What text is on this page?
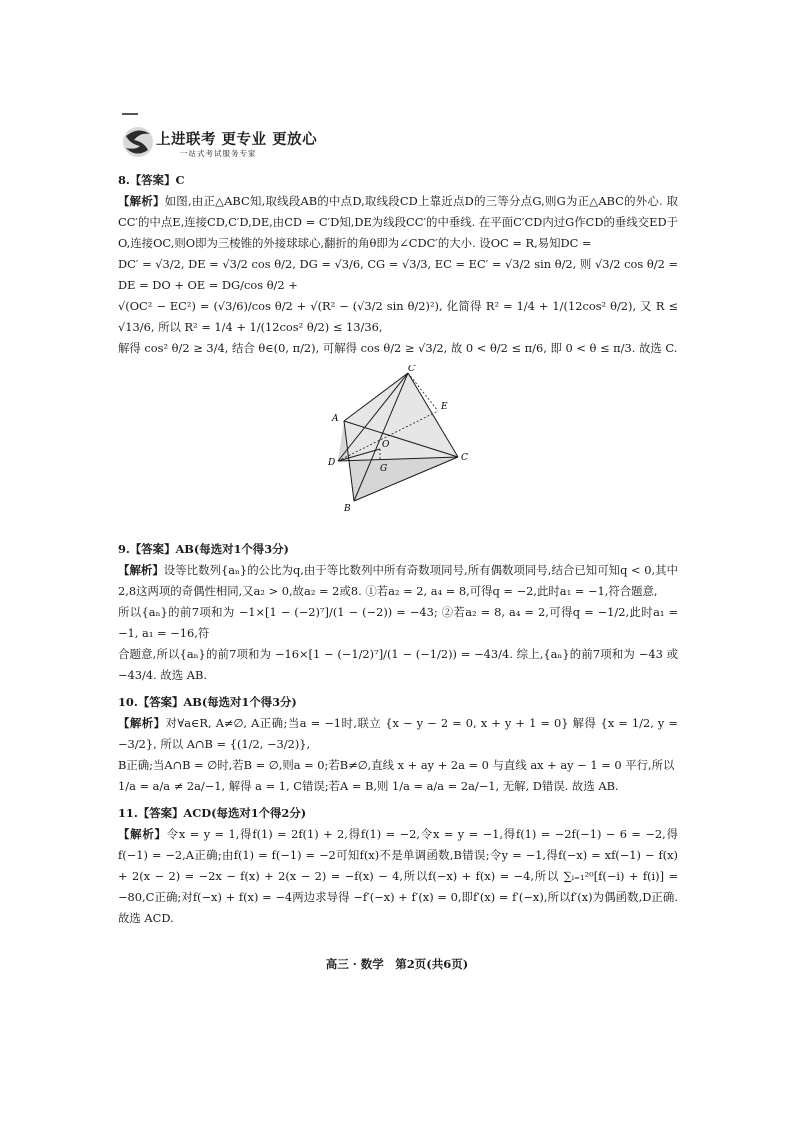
上进联考 更专业 更放心
一站式考试服务专家

8.【答案】C

【解析】如图,由正△ABC知,取线段AB的中点D,取线段CD上靠近点D的三等分点G,则G为正△ABC的外心. 取CC′的中点E,连接CD,C′D,DE,由CD = C′D知,DE为线段CC′的中垂线. 在平面C′CD内过G作CD的垂线交ED于O,连接OC,则O即为三棱锥的外接球球心,翻折的角θ即为∠CDC′的大小. 设OC = R,易知DC =

DC′ = √3/2, DE = √3/2 cos θ/2, DG = √3/6, CG = √3/3, EC = EC′ = √3/2 sin θ/2, 则 √3/2 cos θ/2 = DE = DO + OE = DG/cos θ/2 +

√(OC² − EC²) = (√3/6)/cos θ/2 + √(R² − (√3/2 sin θ/2)²), 化简得 R² = 1/4 + 1/(12cos² θ/2), 又 R ≤ √13/6, 所以 R² = 1/4 + 1/(12cos² θ/2) ≤ 13/36,

解得 cos² θ/2 ≥ 3/4, 结合 θ∈(0, π/2), 可解得 cos θ/2 ≥ √3/2, 故 0 < θ/2 ≤ π/6, 即 0 < θ ≤ π/3. 故选 C.

C′
E
A
O
D
G
C
B

9.【答案】AB(每选对1个得3分)

【解析】设等比数列{aₙ}的公比为q,由于等比数列中所有奇数项同号,所有偶数项同号,结合已知可知q < 0,其中2,8这两项的奇偶性相同,又a₂ > 0,故a₂ = 2或8. ①若a₂ = 2, a₄ = 8,可得q = −2,此时a₁ = −1,符合题意,

所以{aₙ}的前7项和为 −1×[1 − (−2)⁷]/(1 − (−2)) = −43; ②若a₂ = 8, a₄ = 2,可得q = −1/2,此时a₁ = −1, a₁ = −16,符

合题意,所以{aₙ}的前7项和为 −16×[1 − (−1/2)⁷]/(1 − (−1/2)) = −43/4. 综上,{aₙ}的前7项和为 −43 或 −43/4. 故选 AB.

10.【答案】AB(每选对1个得3分)

【解析】对∀a∈R, A≠∅, A正确;当a = −1时,联立 {x − y − 2 = 0, x + y + 1 = 0} 解得 {x = 1/2, y = −3/2}, 所以 A∩B = {(1/2, −3/2)},

B正确;当A∩B = ∅时,若B = ∅,则a = 0;若B≠∅,直线 x + ay + 2a = 0 与直线 ax + ay − 1 = 0 平行,所以

1/a = a/a ≠ 2a/−1, 解得 a = 1, C错误;若A = B,则 1/a = a/a = 2a/−1, 无解, D错误. 故选 AB.

11.【答案】ACD(每选对1个得2分)

【解析】令x = y = 1,得f(1) = 2f(1) + 2,得f(1) = −2,令x = y = −1,得f(1) = −2f(−1) − 6 = −2,得f(−1) = −2,A正确;由f(1) = f(−1) = −2可知f(x)不是单调函数,B错误;令y = −1,得f(−x) = xf(−1) − f(x) + 2(x − 2) = −2x − f(x) + 2(x − 2) = −f(x) − 4,所以f(−x) + f(x) = −4,所以 ∑ᵢ₌₁²⁰[f(−i) + f(i)] = −80,C正确;对f(−x) + f(x) = −4两边求导得 −f′(−x) + f′(x) = 0,即f′(x) = f′(−x),所以f′(x)为偶函数,D正确. 故选 ACD.

高三 · 数学　第2页(共6页)
